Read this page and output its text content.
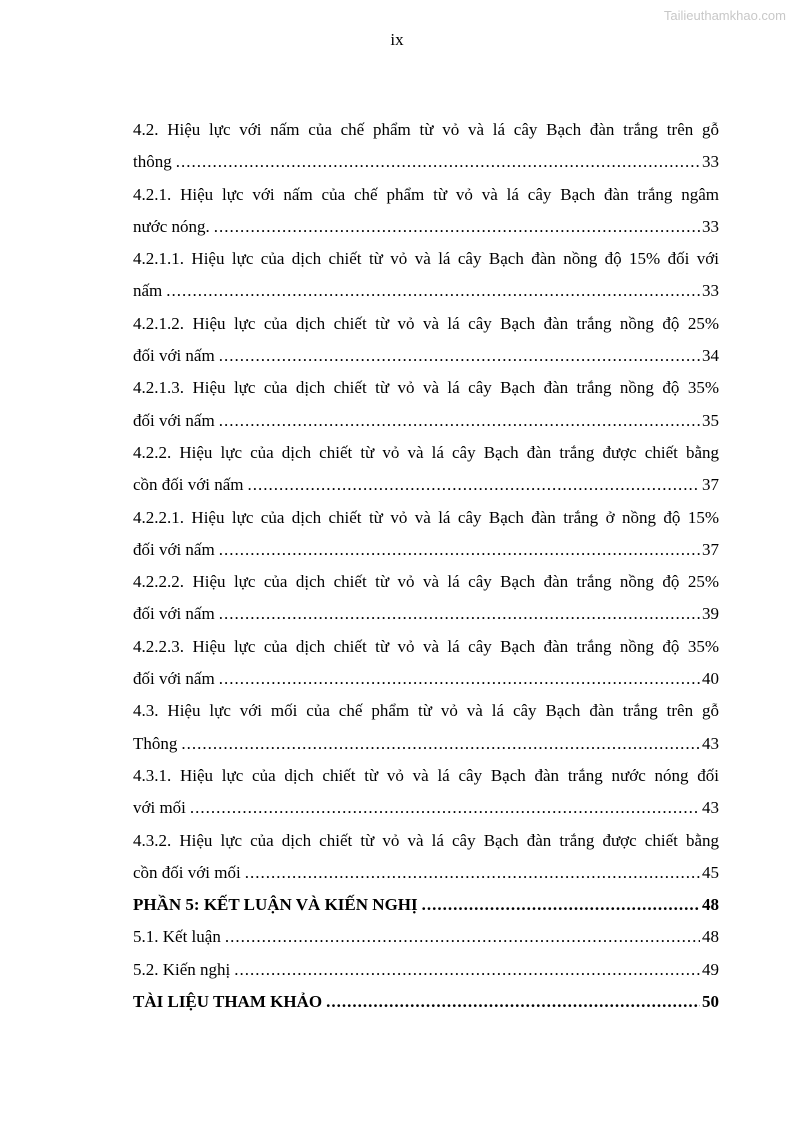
Tailieuthamkhao.com
ix
4.2. Hiệu lực với nấm của chế phẩm từ vỏ và lá cây Bạch đàn trắng trên gỗ
thông .....	33
4.2.1. Hiệu lực với nấm của chế phẩm từ vỏ và lá cây Bạch đàn trắng ngâm
nước nóng. .....	33
4.2.1.1. Hiệu lực của dịch chiết từ vỏ và lá cây Bạch đàn nồng độ 15% đối với
nấm .....	33
4.2.1.2. Hiệu lực của dịch chiết từ vỏ và lá cây Bạch đàn trắng nồng độ 25%
đối với nấm .....	34
4.2.1.3. Hiệu lực của dịch chiết từ vỏ và lá cây Bạch đàn trắng nồng độ 35%
đối với nấm .....	35
4.2.2. Hiệu lực của dịch chiết từ vỏ và lá cây Bạch đàn trắng được chiết bằng
cồn đối với nấm .....	37
4.2.2.1. Hiệu lực của dịch chiết từ vỏ và lá cây Bạch đàn trắng ở nồng độ 15%
đối với nấm .....	37
4.2.2.2. Hiệu lực của dịch chiết từ vỏ và lá cây Bạch đàn trắng nồng độ 25%
đối với nấm .....	39
4.2.2.3. Hiệu lực của dịch chiết từ vỏ và lá cây Bạch đàn trắng nồng độ 35%
đối với nấm .....	40
4.3. Hiệu lực với mối của chế phẩm từ vỏ và lá cây Bạch đàn trắng trên gỗ
Thông .....	43
4.3.1. Hiệu lực của dịch chiết từ vỏ và lá cây Bạch đàn trắng nước nóng đối
với mối .....	43
4.3.2. Hiệu lực của dịch chiết từ vỏ và lá cây Bạch đàn trắng được chiết bằng
cồn đối với mối .....	45
PHẦN 5: KẾT LUẬN VÀ KIẾN NGHỊ .....	48
5.1. Kết luận .....	48
5.2. Kiến nghị .....	49
TÀI LIỆU THAM KHẢO .....	50
